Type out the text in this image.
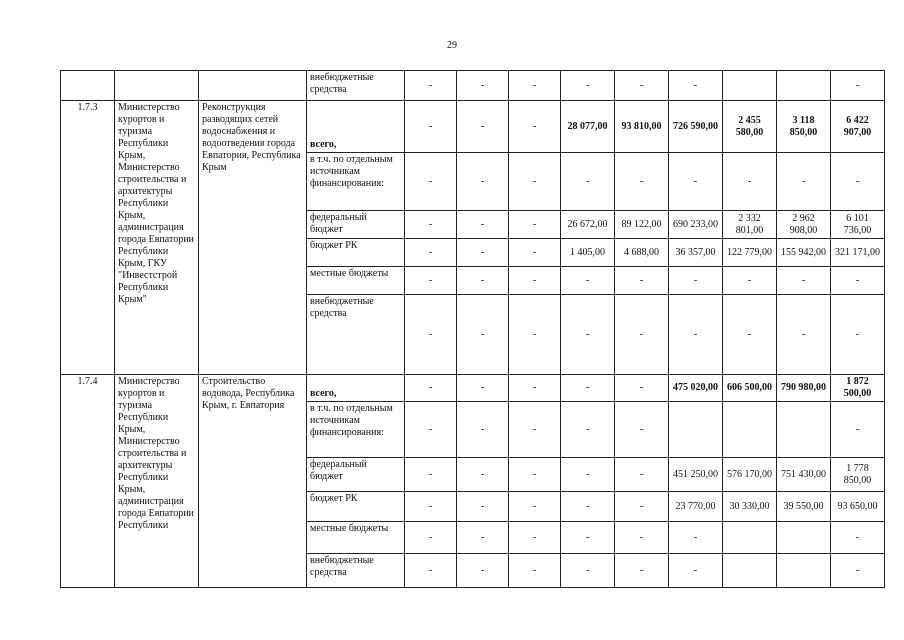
29
			внебюджетные средства	-	-	-	-	-	-			-
1.7.3	Министерство курортов и туризма Республики Крым, Министерство строительства и архитектуры Республики Крым, администрация города Евпатории Республики Крым, ГКУ "Инвестстрой Республики Крым"	Реконструкция разводящих сетей водоснабжения и водоотведения города Евпатория, Республика Крым	всего,	-	-	-	28 077,00	93 810,00	726 590,00	2 455 580,00	3 118 850,00	6 422 907,00
			в т.ч. по отдельным источникам финансирования:	-	-	-	-	-	-	-	-	-
			федеральный бюджет	-	-	-	26 672,00	89 122,00	690 233,00	2 332 801,00	2 962 908,00	6 101 736,00
			бюджет РК	-	-	-	1 405,00	4 688,00	36 357,00	122 779,00	155 942,00	321 171,00
			местные бюджеты	-	-	-	-	-	-	-	-	-
			внебюджетные средства	-	-	-	-	-	-	-	-	-
1.7.4	Министерство курортов и туризма Республики Крым, Министерство строительства и архитектуры Республики Крым, администрация города Евпатории Республики	Строительство водовода, Республика Крым, г. Евпатория	всего,	-	-	-	-	-	475 020,00	606 500,00	790 980,00	1 872 500,00
			в т.ч. по отдельным источникам финансирования:	-	-	-	-	-				-
			федеральный бюджет	-	-	-	-	-	451 250,00	576 170,00	751 430,00	1 778 850,00
			бюджет РК	-	-	-	-	-	23 770,00	30 330,00	39 550,00	93 650,00
			местные бюджеты	-	-	-	-	-	-			-
			внебюджетные средства	-	-	-	-	-	-			-
